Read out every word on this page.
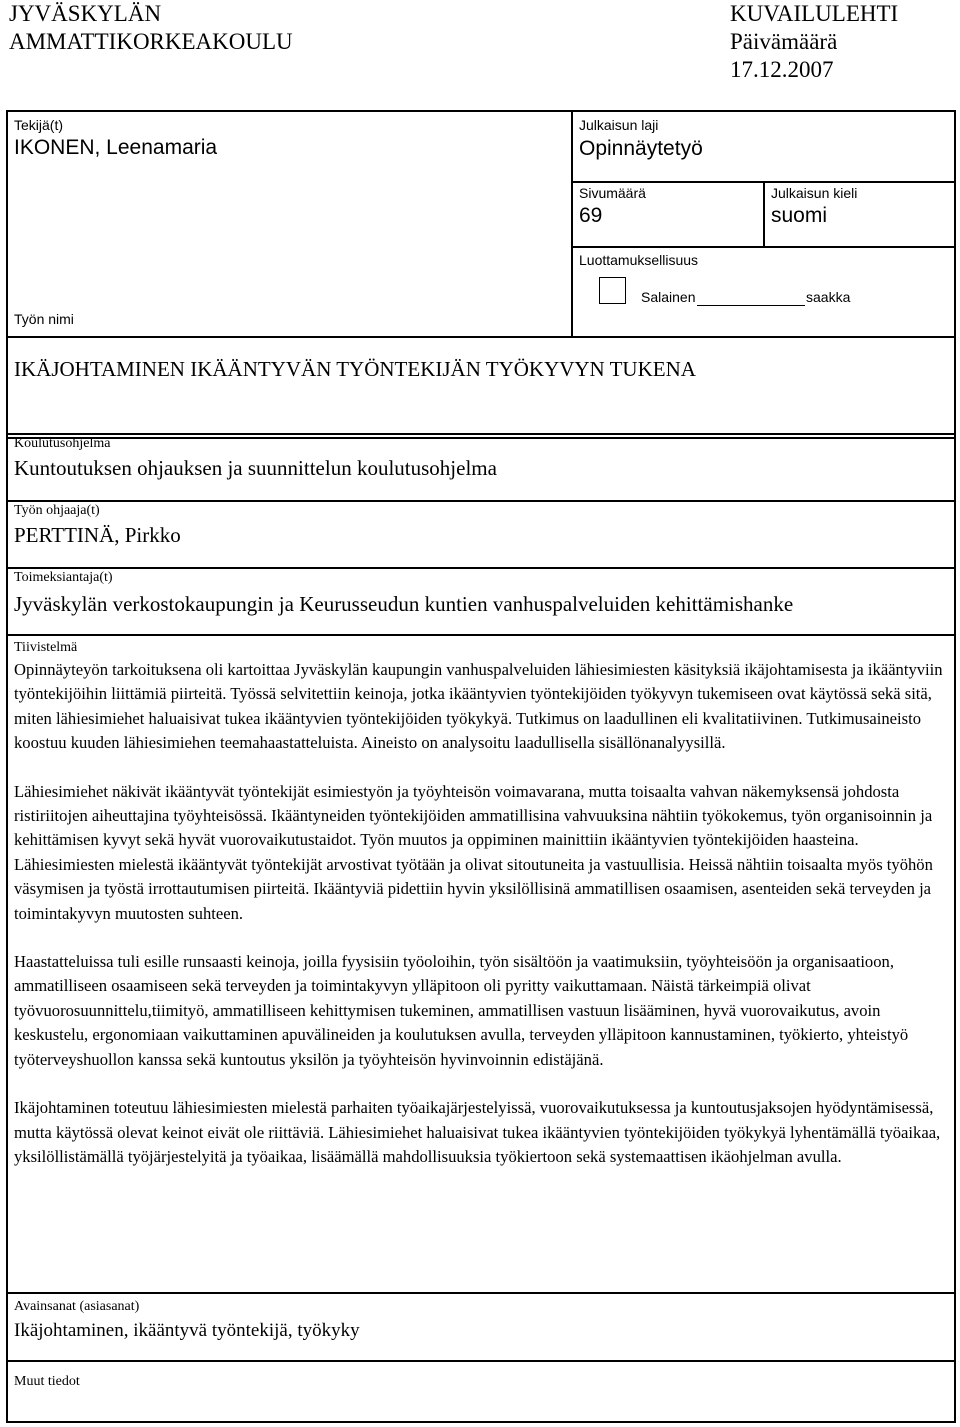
JYVÄSKYLÄN
AMMATTIKORKEAKOULU
KUVAILULEHTI
Päivämäärä
17.12.2007
Tekijä(t)
IKONEN, Leenamaria
Julkaisun laji
Opinnäytetyö
Sivumäärä
69
Julkaisun kieli
suomi
Luottamuksellisuus
Salainen	saakka
Työn nimi
IKÄJOHTAMINEN IKÄÄNTYVÄN TYÖNTEKIJÄN TYÖKYVYN TUKENA
Koulutusohjelma
Kuntoutuksen ohjauksen ja suunnittelun koulutusohjelma
Työn ohjaaja(t)
PERTTINÄ, Pirkko
Toimeksiantaja(t)
Jyväskylän verkostokaupungin ja Keurusseudun kuntien vanhuspalveluiden kehittämishanke
Tiivistelmä

Opinnäyteyön tarkoituksena oli kartoittaa Jyväskylän kaupungin vanhuspalveluiden lähiesimiesten käsityksiä ikäjohtamisesta ja ikääntyviin työntekijöihin liittämiä piirteitä. Työssä selvitettiin keinoja, jotka ikääntyvien työntekijöiden työkyvyn tukemiseen ovat käytössä sekä sitä, miten lähiesimiehet haluaisivat tukea ikääntyvien työntekijöiden työkykyä. Tutkimus on laadullinen eli kvalitatiivinen. Tutkimusaineisto koostuu kuuden lähiesimiehen teemahaastatteluista. Aineisto on analysoitu laadullisella sisällönanalyysillä.

Lähiesimiehet näkivät ikääntyvät työntekijät esimiestyön ja työyhteisön voimavarana, mutta toisaalta vahvan näkemyksensä johdosta ristiriitojen aiheuttajina työyhteisössä. Ikääntyneiden työntekijöiden ammatillisina vahvuuksina nähtiin työkokemus, työn organisoinnin ja kehittämisen kyvyt sekä hyvät vuorovaikutustaidot. Työn muutos ja oppiminen mainittiin ikääntyvien työntekijöiden haasteina. Lähiesimiesten mielestä ikääntyvät työntekijät arvostivat työtään ja olivat sitoutuneita ja vastuullisia. Heissä nähtiin toisaalta myös työhön väsymisen ja työstä irrottautumisen piirteitä. Ikääntyviä pidettiin hyvin yksilöllisinä ammatillisen osaamisen, asenteiden sekä terveyden ja toimintakyvyn muutosten suhteen.

Haastatteluissa tuli esille runsaasti keinoja, joilla fyysisiin työoloihin, työn sisältöön ja vaatimuksiin, työyhteisöön ja organisaatioon, ammatilliseen osaamiseen sekä terveyden ja toimintakyvyn ylläpitoon oli pyritty vaikuttamaan. Näistä tärkeimpiä olivat työvuorosuunnittelu,tiimityö, ammatilliseen kehittymisen tukeminen, ammatillisen vastuun lisääminen, hyvä vuorovaikutus, avoin keskustelu, ergonomiaan vaikuttaminen apuvälineiden ja koulutuksen avulla, terveyden ylläpitoon kannustaminen, työkierto, yhteistyö työterveyshuollon kanssa sekä kuntoutus yksilön ja työyhteisön hyvinvoinnin edistäjänä.

Ikäjohtaminen toteutuu lähiesimiesten mielestä parhaiten työaikajärjestelyissä, vuorovaikutuksessa ja kuntoutusjaksojen hyödyntämisessä, mutta käytössä olevat keinot eivät ole riittäviä. Lähiesimiehet haluaisivat tukea ikääntyvien työntekijöiden työkykyä lyhentämällä työaikaa, yksilöllistämällä työjärjestelyitä ja työaikaa, lisäämällä mahdollisuuksia työkiertoon sekä systemaattisen ikäohjelman avulla.

Avainsanat (asiasanat)
Ikäjohtaminen, ikääntyvä työntekijä, työkyky
Muut tiedot
